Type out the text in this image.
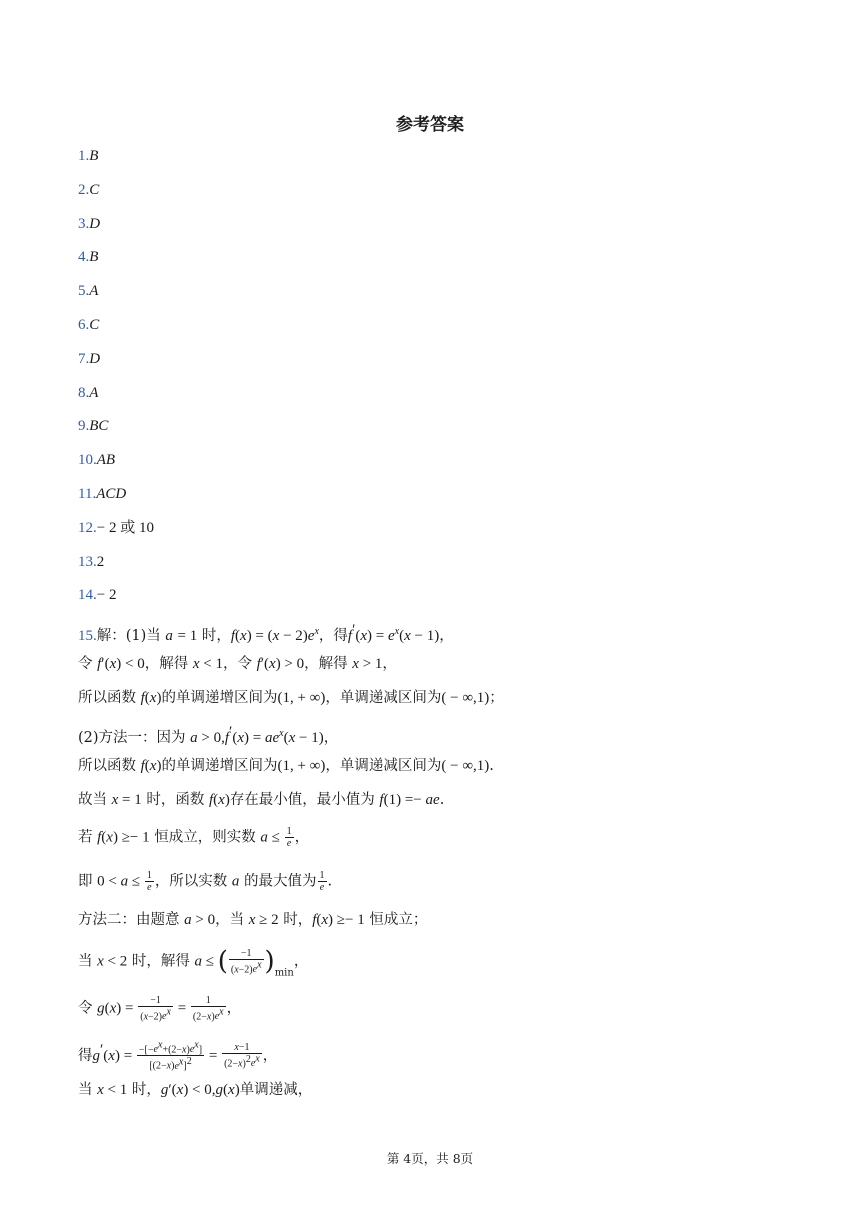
参考答案
1.B
2.C
3.D
4.B
5.A
6.C
7.D
8.A
9.BC
10.AB
11.ACD
12.− 2 或 10
13.2
14.− 2
15.解：(1)当 a = 1 时，$f(x) = (x - 2)e^x$，得$f'(x) = e^x(x - 1)$，
令 f′(x) < 0，解得 x < 1，令 f′(x) > 0，解得 x > 1，
所以函数 f(x)的单调递增区间为(1, + ∞)，单调递减区间为( − ∞,1)；
(2)方法一：因为 $a > 0,f'(x) = ae^x(x - 1)$，
所以函数 f(x)的单调递增区间为(1, + ∞)，单调递减区间为( − ∞,1).
故当 x = 1 时，函数 f(x)存在最小值，最小值为 f(1) =− ae.
若 f(x) ≥− 1 恒成立，则实数 $a \le \frac{1}{e}$ ，
即 $0 < a \le \frac{1}{e}$ ，所以实数 a 的最大值为 $\frac{1}{e}$ .
方法二：由题意 a > 0，当 x ≥ 2 时，f(x) ≥− 1 恒成立；
当 x < 2 时，解得 a ≤ ( $\frac{-1}{(x-2)e^x} )_{min}$，
令 $g(x) = \frac{-1}{(x-2)e^x} = \frac{1}{(2-x)e^x}$ ，
得$g'(x) = \frac{-[-e^x+(2-x)e^x]}{[(2-x)e^x]^2} = \frac{x-1}{(2-x)^2e^x}$ ，
当 x < 1 时，g′(x) < 0,g(x)单调递减，
第 4页，共 8页
